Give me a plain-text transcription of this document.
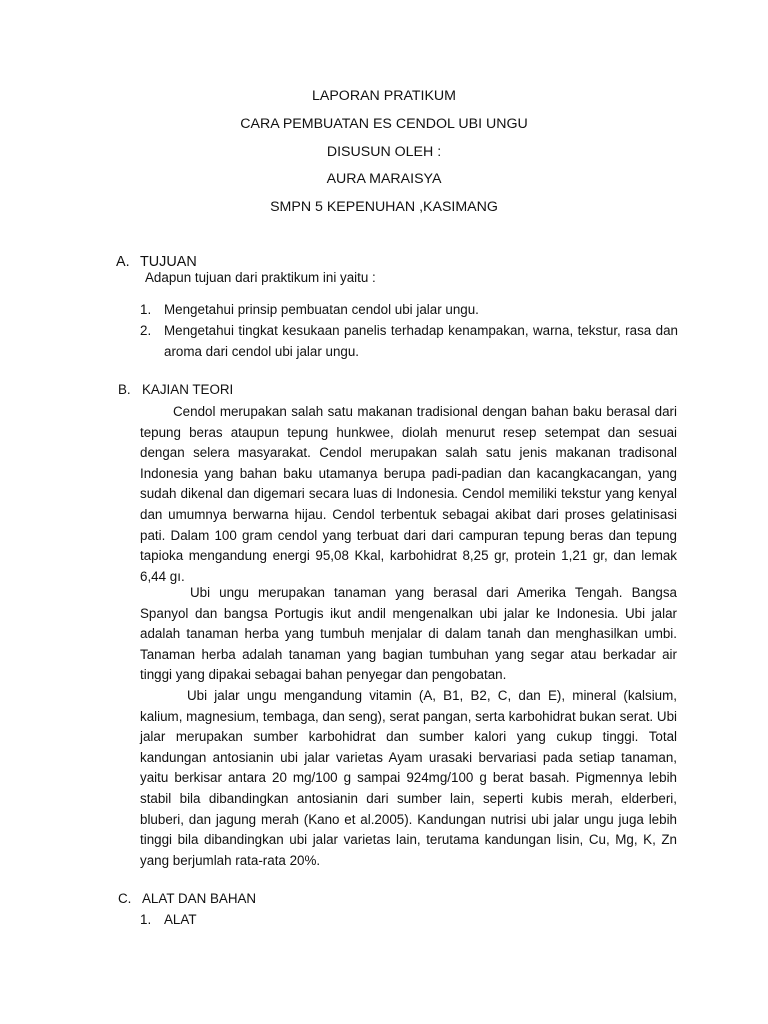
LAPORAN PRATIKUM
CARA PEMBUATAN ES CENDOL UBI UNGU
DISUSUN OLEH :
AURA MARAISYA
SMPN 5 KEPENUHAN ,KASIMANG
A. TUJUAN
Adapun tujuan dari praktikum ini yaitu :
1. Mengetahui prinsip pembuatan cendol ubi jalar ungu.
2. Mengetahui tingkat kesukaan panelis terhadap kenampakan, warna, tekstur, rasa dan aroma dari cendol ubi jalar ungu.
B. KAJIAN TEORI

Cendol merupakan salah satu makanan tradisional dengan bahan baku berasal dari tepung beras ataupun tepung hunkwee, diolah menurut resep setempat dan sesuai dengan selera masyarakat. Cendol merupakan salah satu jenis makanan tradisonal Indonesia yang bahan baku utamanya berupa padi-padian dan kacangkacangan, yang sudah dikenal dan digemari secara luas di Indonesia. Cendol memiliki tekstur yang kenyal dan umumnya berwarna hijau. Cendol terbentuk sebagai akibat dari proses gelatinisasi pati. Dalam 100 gram cendol yang terbuat dari dari campuran tepung beras dan tepung tapioka mengandung energi 95,08 Kkal, karbohidrat 8,25 gr, protein 1,21 gr, dan lemak 6,44 gı.

Ubi ungu merupakan tanaman yang berasal dari Amerika Tengah. Bangsa Spanyol dan bangsa Portugis ikut andil mengenalkan ubi jalar ke Indonesia. Ubi jalar adalah tanaman herba yang tumbuh menjalar di dalam tanah dan menghasilkan umbi. Tanaman herba adalah tanaman yang bagian tumbuhan yang segar atau berkadar air tinggi yang dipakai sebagai bahan penyegar dan pengobatan.

Ubi jalar ungu mengandung vitamin (A, B1, B2, C, dan E), mineral (kalsium, kalium, magnesium, tembaga, dan seng), serat pangan, serta karbohidrat bukan serat. Ubi jalar merupakan sumber karbohidrat dan sumber kalori yang cukup tinggi. Total kandungan antosianin ubi jalar varietas Ayam urasaki bervariasi pada setiap tanaman, yaitu berkisar antara 20 mg/100 g sampai 924mg/100 g berat basah. Pigmennya lebih stabil bila dibandingkan antosianin dari sumber lain, seperti kubis merah, elderberi, bluberi, dan jagung merah (Kano et al.2005). Kandungan nutrisi ubi jalar ungu juga lebih tinggi bila dibandingkan ubi jalar varietas lain, terutama kandungan lisin, Cu, Mg, K, Zn yang berjumlah rata-rata 20%.

C. ALAT DAN BAHAN
1. ALAT
